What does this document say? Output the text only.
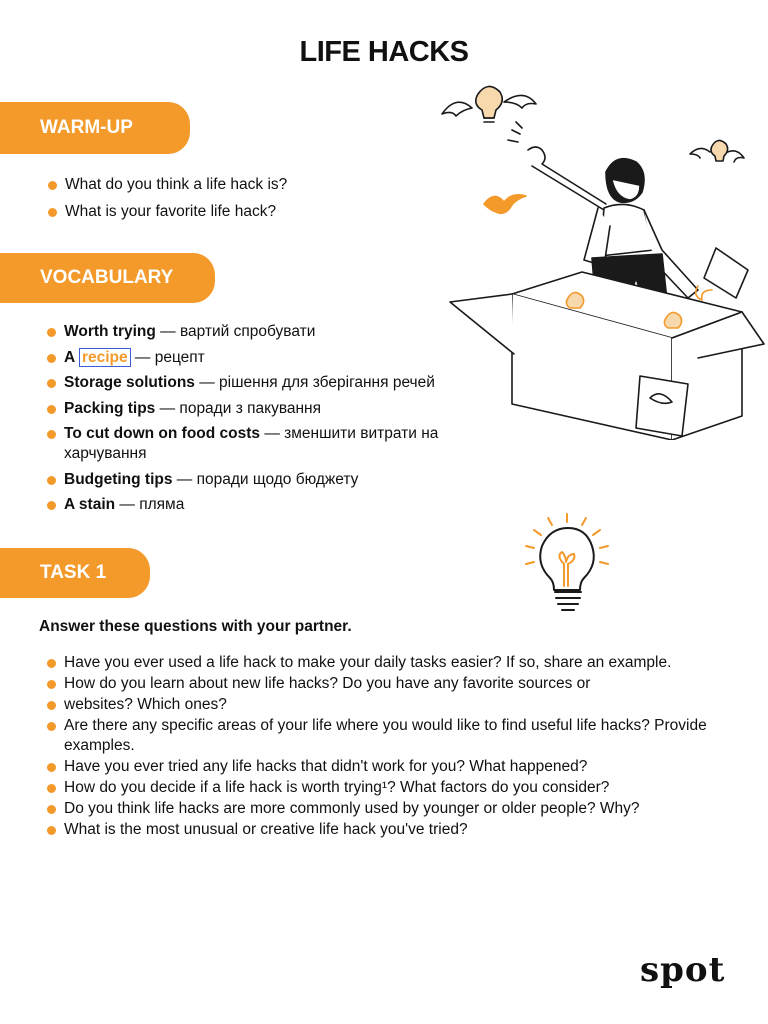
LIFE HACKS
WARM-UP
What do you think a life hack is?
What is your favorite life hack?
VOCABULARY
Worth trying — вартий спробувати
A recipe — рецепт
Storage solutions — рішення для зберігання речей
Packing tips — поради з пакування
To cut down on food costs — зменшити витрати на харчування
Budgeting tips — поради щодо бюджету
A stain — пляма
TASK 1

Answer these questions with your partner.

Have you ever used a life hack to make your daily tasks easier? If so, share an example.
How do you learn about new life hacks? Do you have any favorite sources or
websites? Which ones?
Are there any specific areas of your life where you would like to find useful life hacks? Provide examples.
Have you ever tried any life hacks that didn't work for you? What happened?
How do you decide if a life hack is worth trying¹? What factors do you consider?
Do you think life hacks are more commonly used by younger or older people? Why?
What is the most unusual or creative life hack you've tried?
spot
